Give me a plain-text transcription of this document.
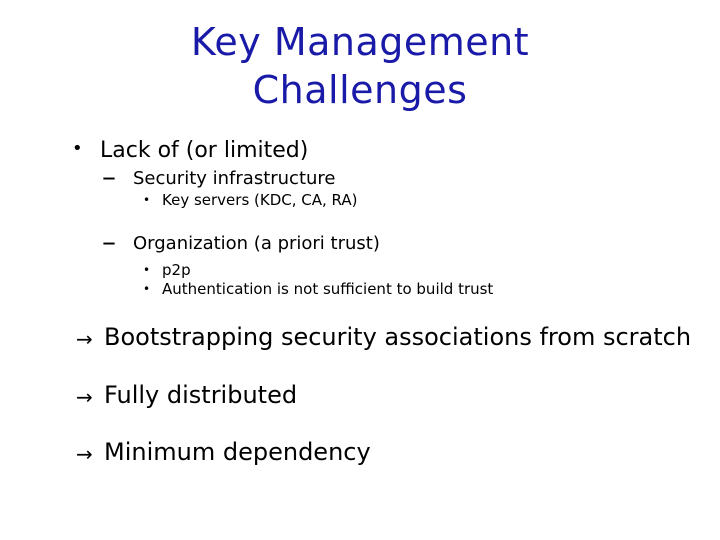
Key Management
Challenges
• Lack of (or limited)
– Security infrastructure
• Key servers (KDC, CA, RA)
– Organization (a priori trust)
• p2p
• Authentication is not sufficient to build trust
→ Bootstrapping security associations from scratch
→ Fully distributed
→ Minimum dependency
